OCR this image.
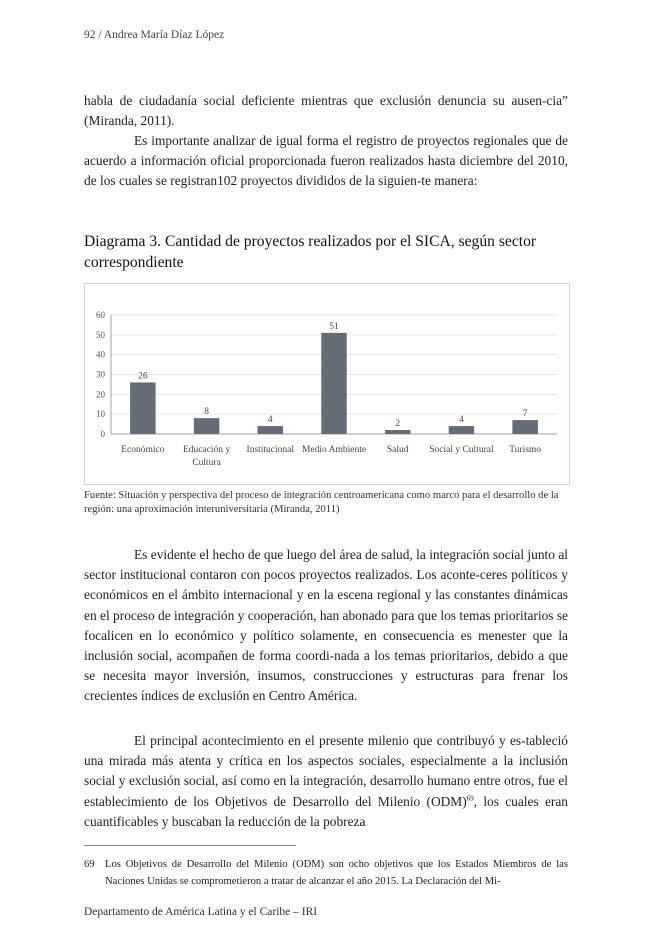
92 / Andrea María Díaz López

habla de ciudadanía social deficiente mientras que exclusión denuncia su ausen-cia” (Miranda, 2011).

Es importante analizar de igual forma el registro de proyectos regionales que de acuerdo a información oficial proporcionada fueron realizados hasta diciembre del 2010, de los cuales se registran102 proyectos divididos de la siguien-te manera:

Diagrama 3. Cantidad de proyectos realizados por el SICA, según sector correspondiente
0
10
20
30
40
50
60
26
Económico
8
Educación y
Cultura
4
Institucional
51
Medio Ambiente
2
Salud
4
Social y Cultural
7
Turismo

Fuente: Situación y perspectiva del proceso de integración centroamericana como marco para el desarrollo de la región: una aproximación interuniversitaria (Miranda, 2011)

Es evidente el hecho de que luego del área de salud, la integración social junto al sector institucional contaron con pocos proyectos realizados. Los aconte-ceres políticos y económicos en el ámbito internacional y en la escena regional y las constantes dinámicas en el proceso de integración y cooperación, han abonado para que los temas prioritarios se focalicen en lo económico y político solamente, en consecuencia es menester que la inclusión social, acompañen de forma coordi-nada a los temas prioritarios, debido a que se necesita mayor inversión, insumos, construcciones y estructuras para frenar los crecientes índices de exclusión en Centro América.

El principal acontecimiento en el presente milenio que contribuyó y es-tableció una mirada más atenta y crítica en los aspectos sociales, especialmente a la inclusión social y exclusión social, así como en la integración, desarrollo humano entre otros, fue el establecimiento de los Objetivos de Desarrollo del Milenio (ODM)$^{69}$, los cuales eran cuantificables y buscaban la reducción de la pobreza

69 Los Objetivos de Desarrollo del Milenio (ODM) son ocho objetivos que los Estados Miembros de las Naciones Unidas se comprometieron a tratar de alcanzar el año 2015. La Declaración del Mi-

Departamento de América Latina y el Caribe – IRI
